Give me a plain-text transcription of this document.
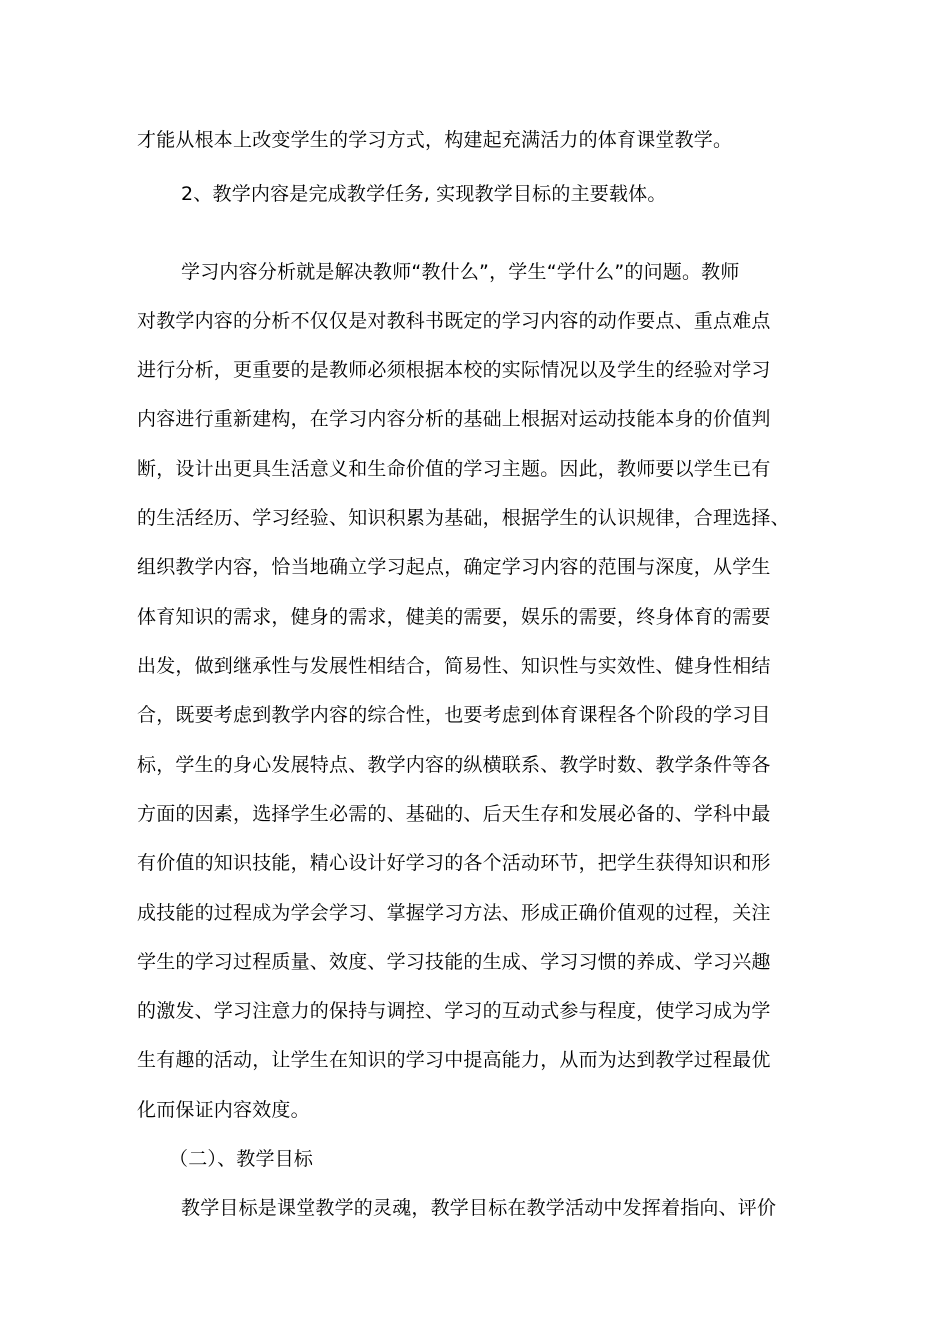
才能从根本上改变学生的学习方式，构建起充满活力的体育课堂教学。
2、教学内容是完成教学任务, 实现教学目标的主要载体。
学习内容分析就是解决教师“教什么”，学生“学什么”的问题。教师
对教学内容的分析不仅仅是对教科书既定的学习内容的动作要点、重点难点
进行分析，更重要的是教师必须根据本校的实际情况以及学生的经验对学习
内容进行重新建构，在学习内容分析的基础上根据对运动技能本身的价值判
断，设计出更具生活意义和生命价值的学习主题。因此，教师要以学生已有
的生活经历、学习经验、知识积累为基础，根据学生的认识规律，合理选择、
组织教学内容，恰当地确立学习起点，确定学习内容的范围与深度，从学生
体育知识的需求，健身的需求，健美的需要，娱乐的需要，终身体育的需要
出发，做到继承性与发展性相结合，简易性、知识性与实效性、健身性相结
合，既要考虑到教学内容的综合性，也要考虑到体育课程各个阶段的学习目
标，学生的身心发展特点、教学内容的纵横联系、教学时数、教学条件等各
方面的因素，选择学生必需的、基础的、后天生存和发展必备的、学科中最
有价值的知识技能，精心设计好学习的各个活动环节，把学生获得知识和形
成技能的过程成为学会学习、掌握学习方法、形成正确价值观的过程，关注
学生的学习过程质量、效度、学习技能的生成、学习习惯的养成、学习兴趣
的激发、学习注意力的保持与调控、学习的互动式参与程度，使学习成为学
生有趣的活动，让学生在知识的学习中提高能力，从而为达到教学过程最优
化而保证内容效度。
（二）、教学目标
教学目标是课堂教学的灵魂，教学目标在教学活动中发挥着指向、评价
